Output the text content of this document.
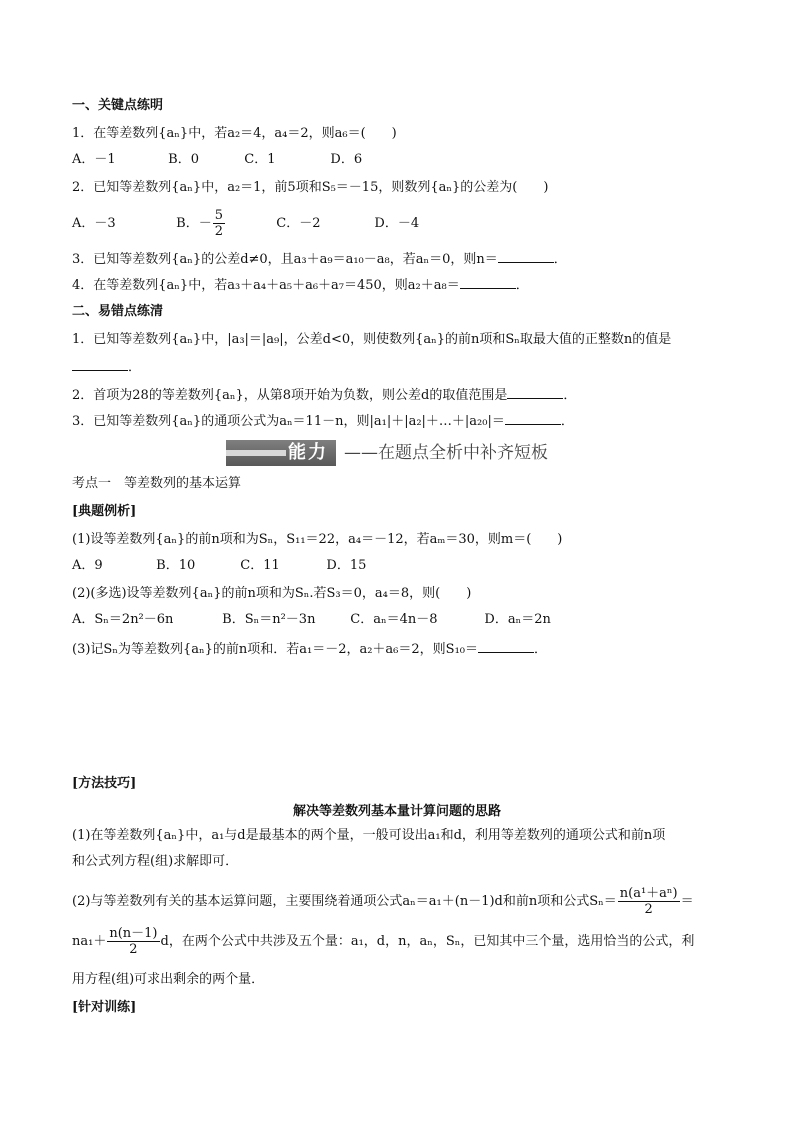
一、关键点练明
1．在等差数列{aₙ}中，若a₂＝4，a₄＝2，则a₆＝(　　)
A．－1	B．0	C．1	D．6
2．已知等差数列{aₙ}中，a₂＝1，前5项和S₅＝－15，则数列{aₙ}的公差为(　　)
A．－3	B．－ $\frac{5}{2}$	C．－2	D．－4
3．已知等差数列{aₙ}的公差d≠0，且a₃＋a₉＝a₁₀－a₈，若aₙ＝0，则n＝	．
4．在等差数列{aₙ}中，若a₃＋a₄＋a₅＋a₆＋a₇＝450，则a₂＋a₈＝	．
二、易错点练清
1．已知等差数列{aₙ}中，|a₃|＝|a₉|，公差d<0，则使数列{aₙ}的前n项和Sₙ取最大值的正整数n的值是
．
2．首项为28的等差数列{aₙ}，从第8项开始为负数，则公差d的取值范围是	．
3．已知等差数列{aₙ}的通项公式为aₙ＝11－n，则|a₁|＋|a₂|＋…＋|a₂₀|＝	．
能力 ——在题点全析中补齐短板
考点一　等差数列的基本运算
[典题例析]
(1)设等差数列{aₙ}的前n项和为Sₙ，S₁₁＝22，a₄＝－12，若aₘ＝30，则m＝(　　)
A．9	B．10	C．11	D．15
(2)(多选)设等差数列{aₙ}的前n项和为Sₙ.若S₃＝0，a₄＝8，则(　　)
A．Sₙ＝2n²－6n	B．Sₙ＝n²－3n	C．aₙ＝4n－8	D．aₙ＝2n
(3)记Sₙ为等差数列{aₙ}的前n项和．若a₁＝－2，a₂＋a₆＝2，则S₁₀＝	．
[方法技巧]
解决等差数列基本量计算问题的思路
(1)在等差数列{aₙ}中，a₁与d是最基本的两个量，一般可设出a₁和d，利用等差数列的通项公式和前n项
和公式列方程(组)求解即可．
(2)与等差数列有关的基本运算问题，主要围绕着通项公式aₙ＝a₁＋(n－1)d和前n项和公式$S_n= \frac{\text{n(a¹＋aⁿ)}}{2}$ ＝
$na_1+ \frac{n(n-1)}{2}$ d，在两个公式中共涉及五个量：a₁，d，n，aₙ，Sₙ，已知其中三个量，选用恰当的公式，利
用方程(组)可求出剩余的两个量．
[针对训练]
